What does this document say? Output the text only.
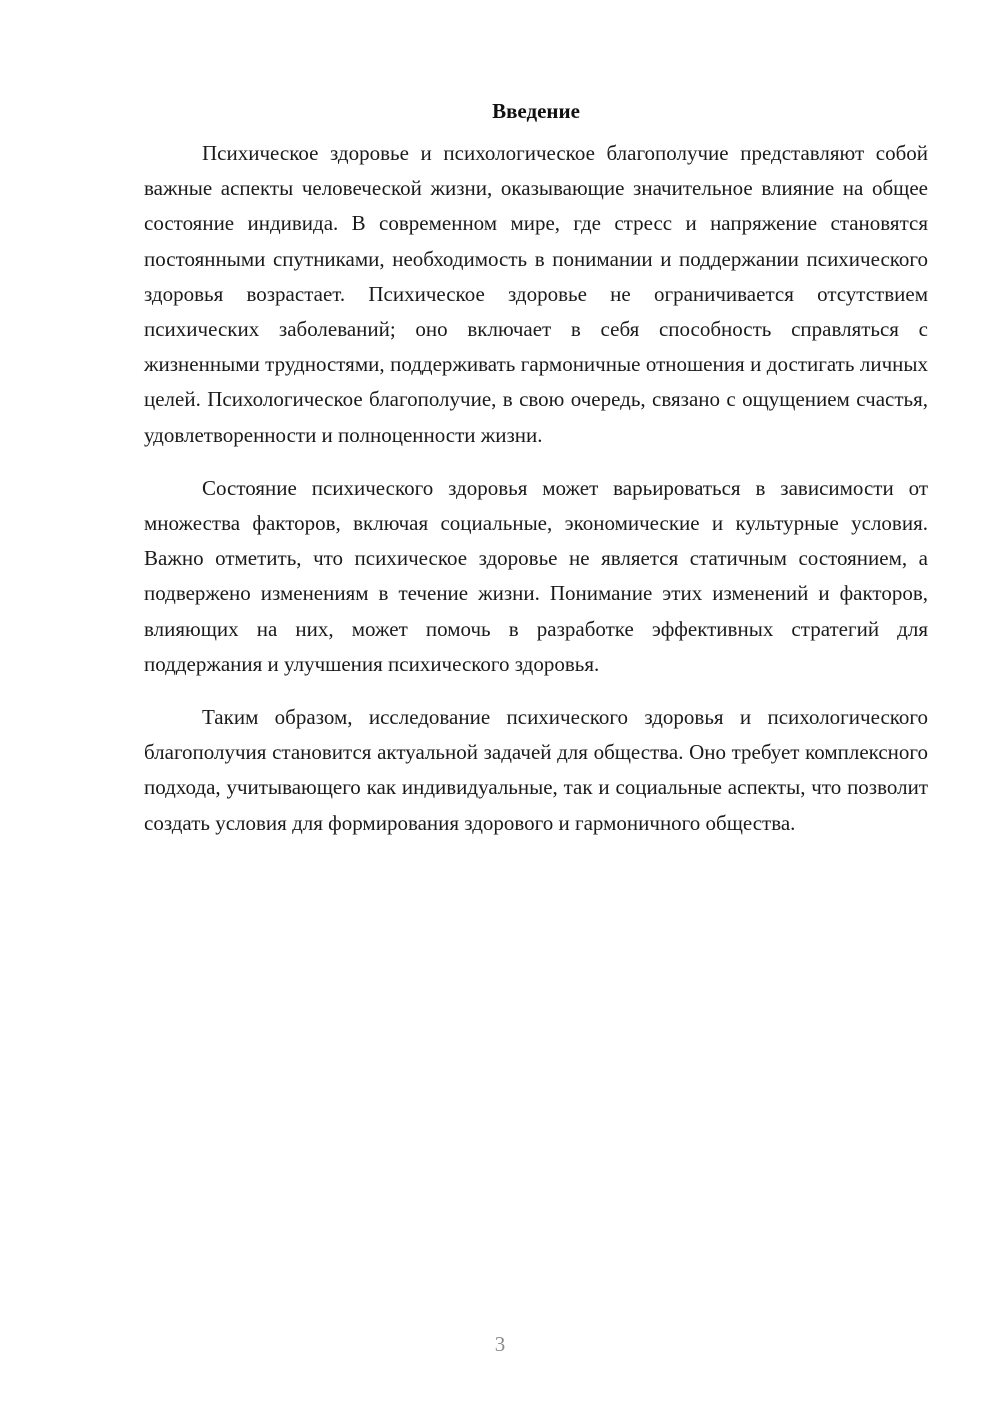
Введение

Психическое здоровье и психологическое благополучие представляют собой важные аспекты человеческой жизни, оказывающие значительное влияние на общее состояние индивида. В современном мире, где стресс и напряжение становятся постоянными спутниками, необходимость в понимании и поддержании психического здоровья возрастает. Психическое здоровье не ограничивается отсутствием психических заболеваний; оно включает в себя способность справляться с жизненными трудностями, поддерживать гармоничные отношения и достигать личных целей. Психологическое благополучие, в свою очередь, связано с ощущением счастья, удовлетворенности и полноценности жизни.

Состояние психического здоровья может варьироваться в зависимости от множества факторов, включая социальные, экономические и культурные условия. Важно отметить, что психическое здоровье не является статичным состоянием, а подвержено изменениям в течение жизни. Понимание этих изменений и факторов, влияющих на них, может помочь в разработке эффективных стратегий для поддержания и улучшения психического здоровья.

Таким образом, исследование психического здоровья и психологического благополучия становится актуальной задачей для общества. Оно требует комплексного подхода, учитывающего как индивидуальные, так и социальные аспекты, что позволит создать условия для формирования здорового и гармоничного общества.

3
